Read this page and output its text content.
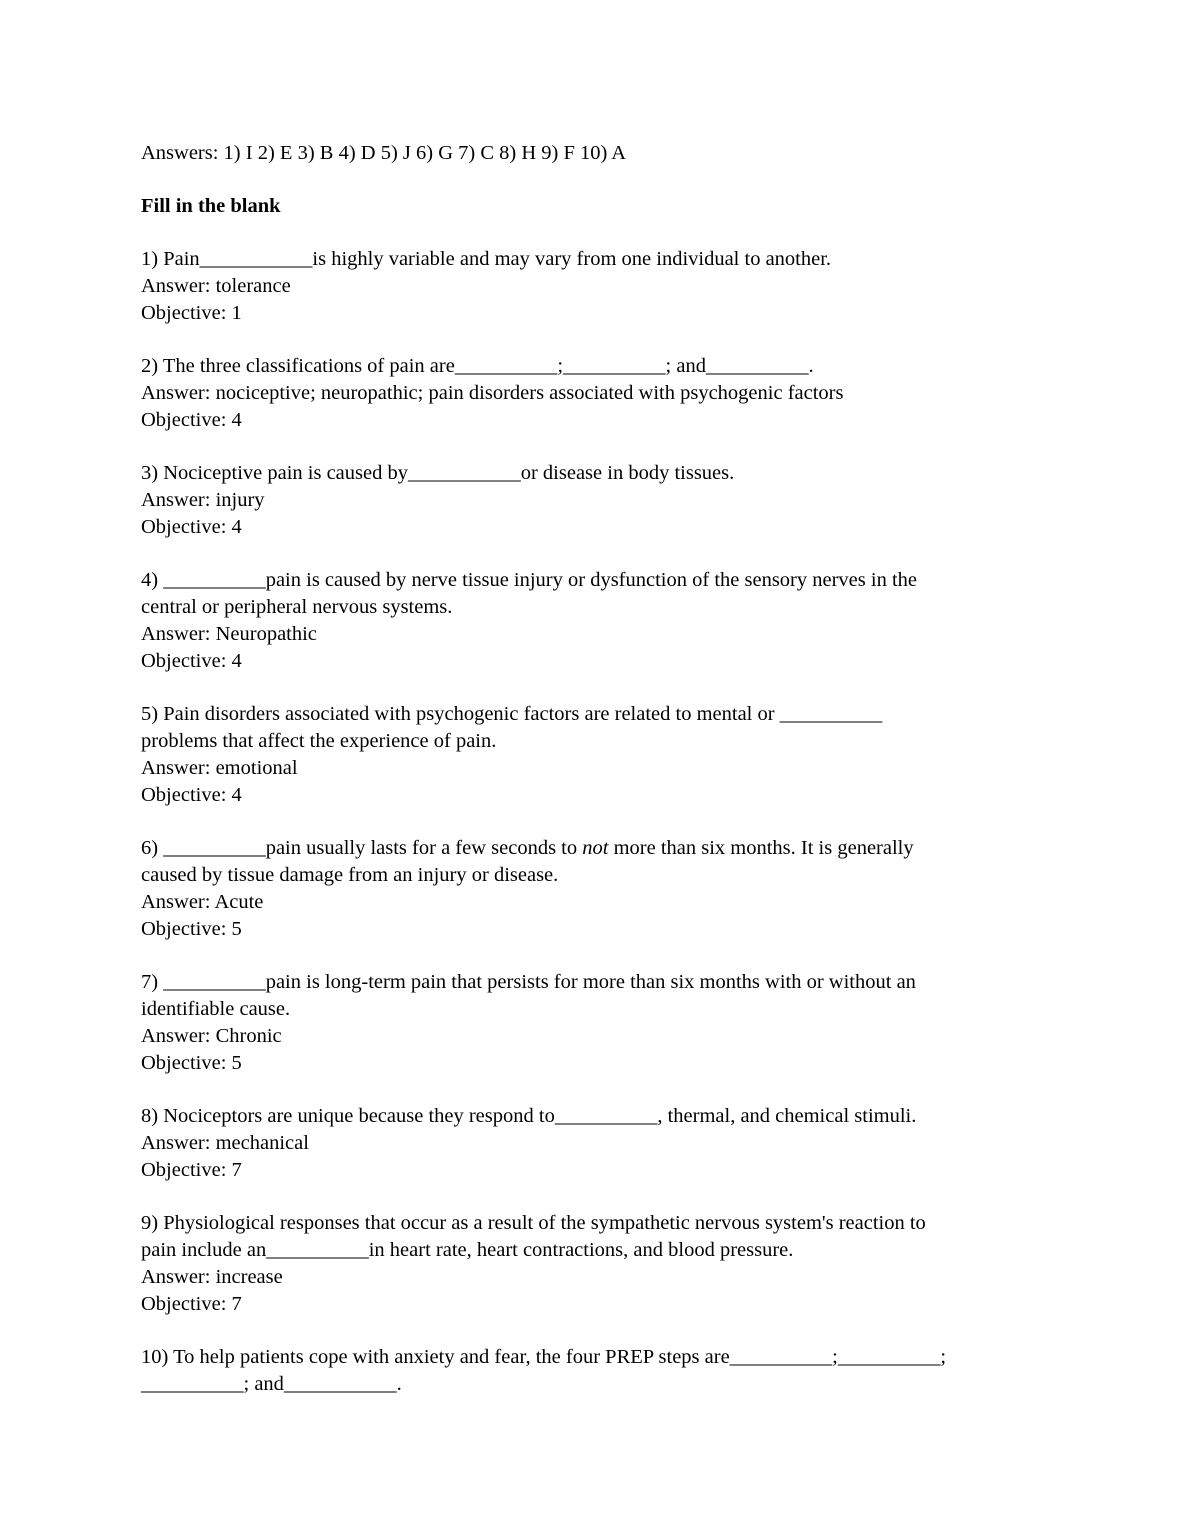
Answers: 1) I 2) E 3) B 4) D 5) J 6) G 7) C 8) H 9) F 10) A
Fill in the blank
1) Pain___________is highly variable and may vary from one individual to another.
Answer: tolerance
Objective: 1
2) The three classifications of pain are__________;__________; and__________.
Answer: nociceptive; neuropathic; pain disorders associated with psychogenic factors
Objective: 4
3) Nociceptive pain is caused by___________or disease in body tissues.
Answer: injury
Objective: 4
4) __________pain is caused by nerve tissue injury or dysfunction of the sensory nerves in the
central or peripheral nervous systems.
Answer: Neuropathic
Objective: 4
5) Pain disorders associated with psychogenic factors are related to mental or __________
problems that affect the experience of pain.
Answer: emotional
Objective: 4
6) __________pain usually lasts for a few seconds to not more than six months. It is generally
caused by tissue damage from an injury or disease.
Answer: Acute
Objective: 5
7) __________pain is long-term pain that persists for more than six months with or without an
identifiable cause.
Answer: Chronic
Objective: 5
8) Nociceptors are unique because they respond to__________, thermal, and chemical stimuli.
Answer: mechanical
Objective: 7
9) Physiological responses that occur as a result of the sympathetic nervous system's reaction to
pain include an__________in heart rate, heart contractions, and blood pressure.
Answer: increase
Objective: 7
10) To help patients cope with anxiety and fear, the four PREP steps are__________;__________;
__________; and___________.
